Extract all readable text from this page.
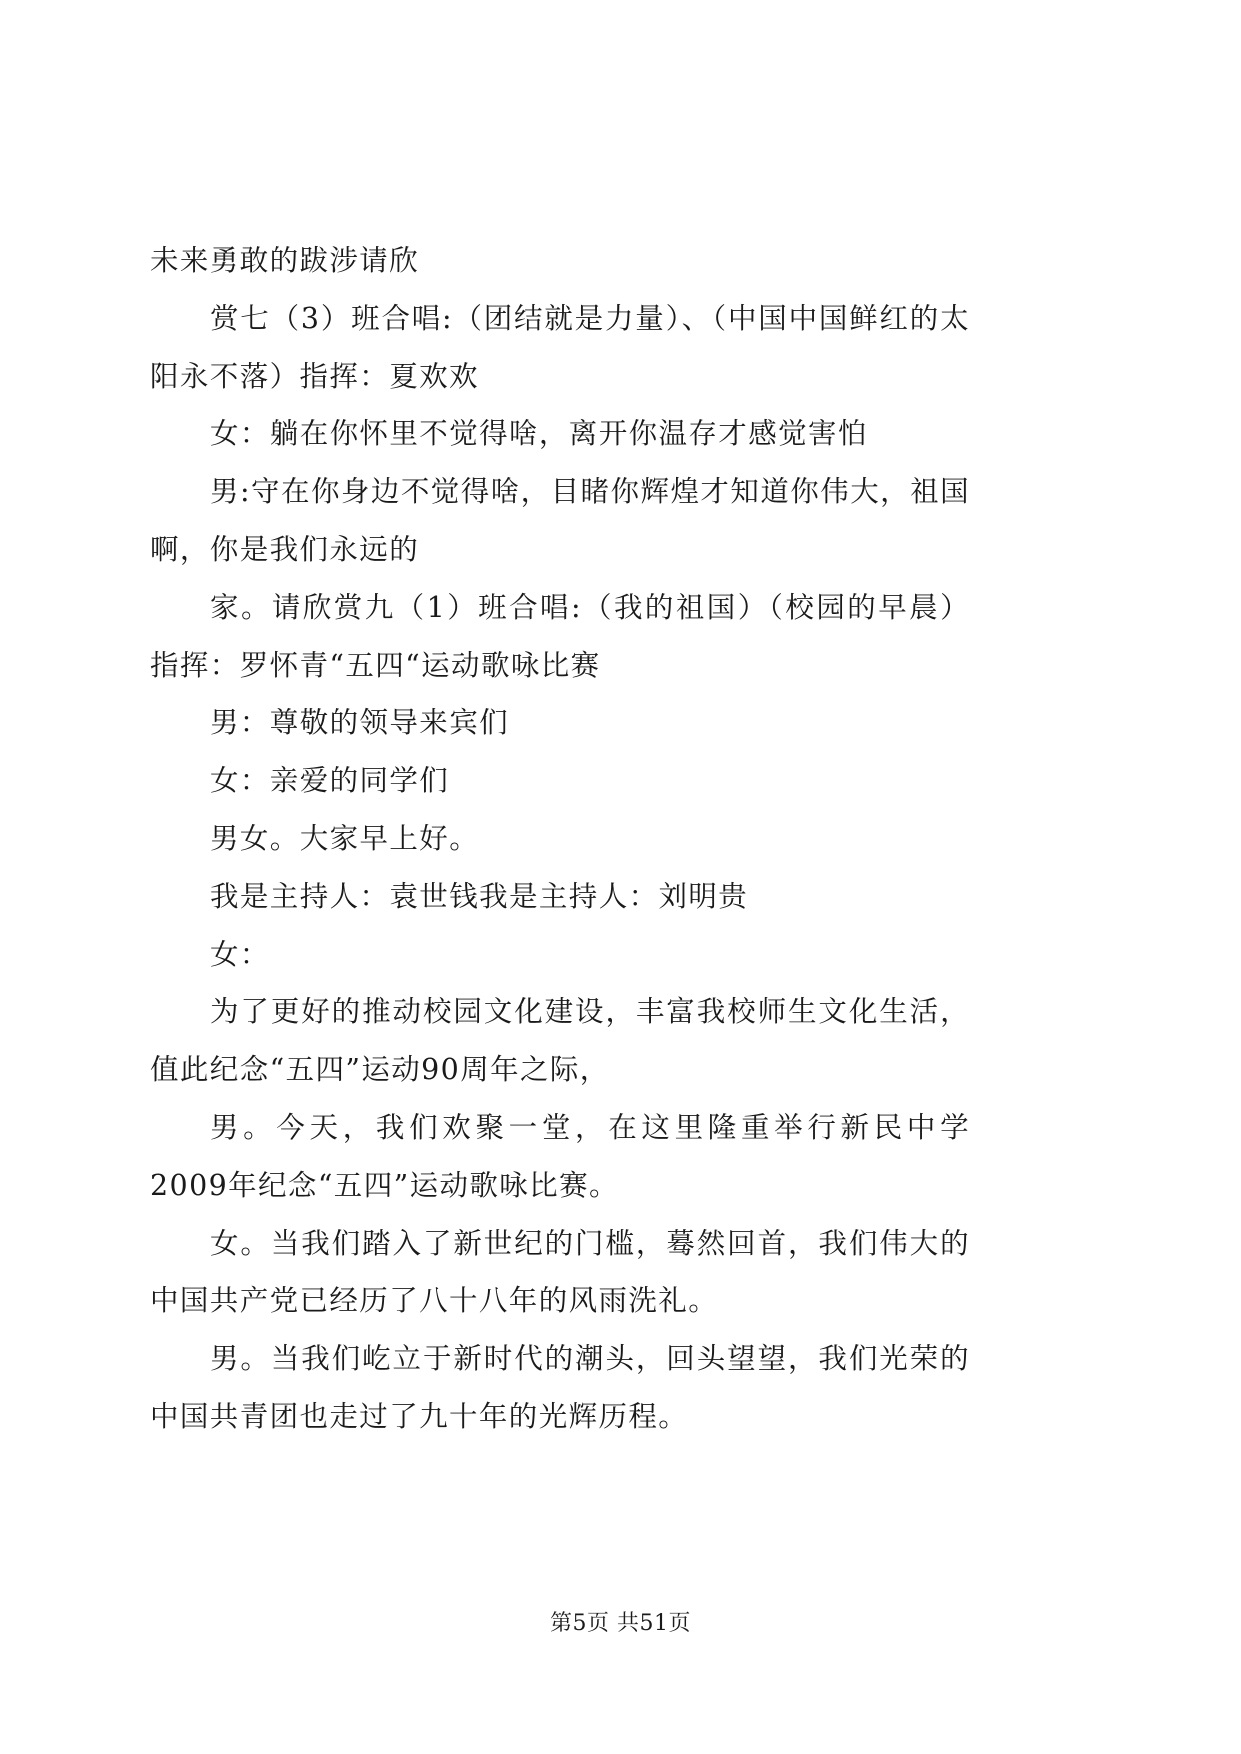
未来勇敢的跋涉请欣

赏七（3）班合唱:（团结就是力量）、（中国中国鲜红的太阳永不落）指挥：夏欢欢

女：躺在你怀里不觉得啥，离开你温存才感觉害怕

男:守在你身边不觉得啥，目睹你辉煌才知道你伟大，祖国啊，你是我们永远的

家。请欣赏九（1）班合唱:（我的祖国）（校园的早晨）指挥：罗怀青“五四“运动歌咏比赛

男：尊敬的领导来宾们

女：亲爱的同学们

男女。大家早上好。

我是主持人：袁世钱我是主持人：刘明贵

女：

为了更好的推动校园文化建设，丰富我校师生文化生活，值此纪念“五四”运动90周年之际，

男。今天，我们欢聚一堂，在这里隆重举行新民中学2009年纪念“五四”运动歌咏比赛。

女。当我们踏入了新世纪的门槛，蓦然回首，我们伟大的中国共产党已经历了八十八年的风雨洗礼。

男。当我们屹立于新时代的潮头，回头望望，我们光荣的中国共青团也走过了九十年的光辉历程。

第5页 共51页
